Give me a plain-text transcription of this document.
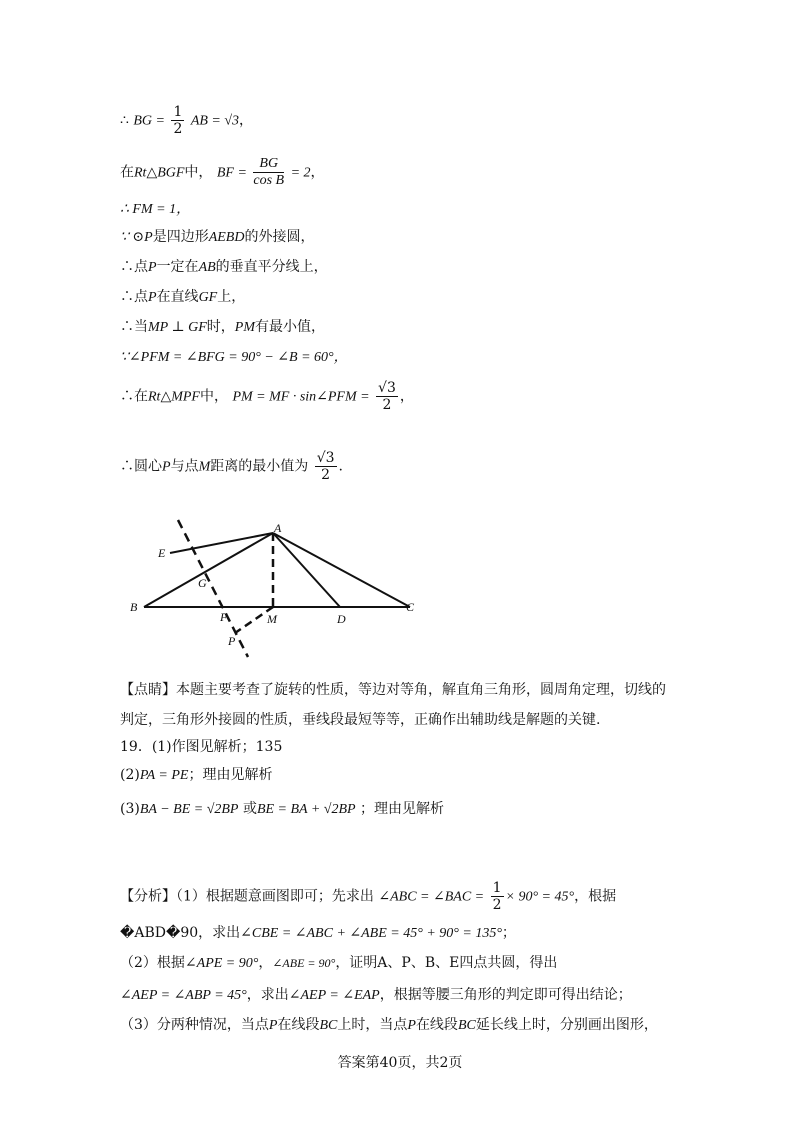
∴ BG = $\frac{1}{2}$ AB = √3，
在Rt△BGF中， BF = $\frac{BG}{\text{cos B}} = 2$，
∴ FM = 1，
∵ ⊙P是四边形AEBD的外接圆，
∴点P一定在AB的垂直平分线上，
∴点P在直线GF上，
∴当MP ⊥ GF时，PM有最小值，
∵∠PFM = ∠BFG = 90° − ∠B = 60°，
∴在Rt△MPF中， PM = MF · sin∠PFM = $\frac{√3}{2}$ ，
∴圆心P与点M距离的最小值为 $\frac{√3}{2}$ .
A
E
G
B
F	M	D
C
P
【点睛】本题主要考查了旋转的性质，等边对等角，解直角三角形，圆周角定理，切线的
判定，三角形外接圆的性质，垂线段最短等等，正确作出辅助线是解题的关键.
19．(1)作图见解析；135
(2)PA = PE；理由见解析
(3)BA − BE = √2BP 或BE = BA + √2BP ；理由见解析
【分析】（1）根据题意画图即可；先求出 ∠ABC = ∠BAC = $\frac{1}{2} \times 90^\circ = 45^\circ$，根据
�ABD�90，求出∠CBE = ∠ABC + ∠ABE = 45° + 90° = 135°；
（2）根据∠APE = 90°，∠ABE = 90°，证明A、P、B、E四点共圆，得出
∠AEP = ∠ABP = 45°，求出∠AEP = ∠EAP，根据等腰三角形的判定即可得出结论；
（3）分两种情况，当点P在线段BC上时，当点P在线段BC延长线上时，分别画出图形，
答案第40页，共2页
